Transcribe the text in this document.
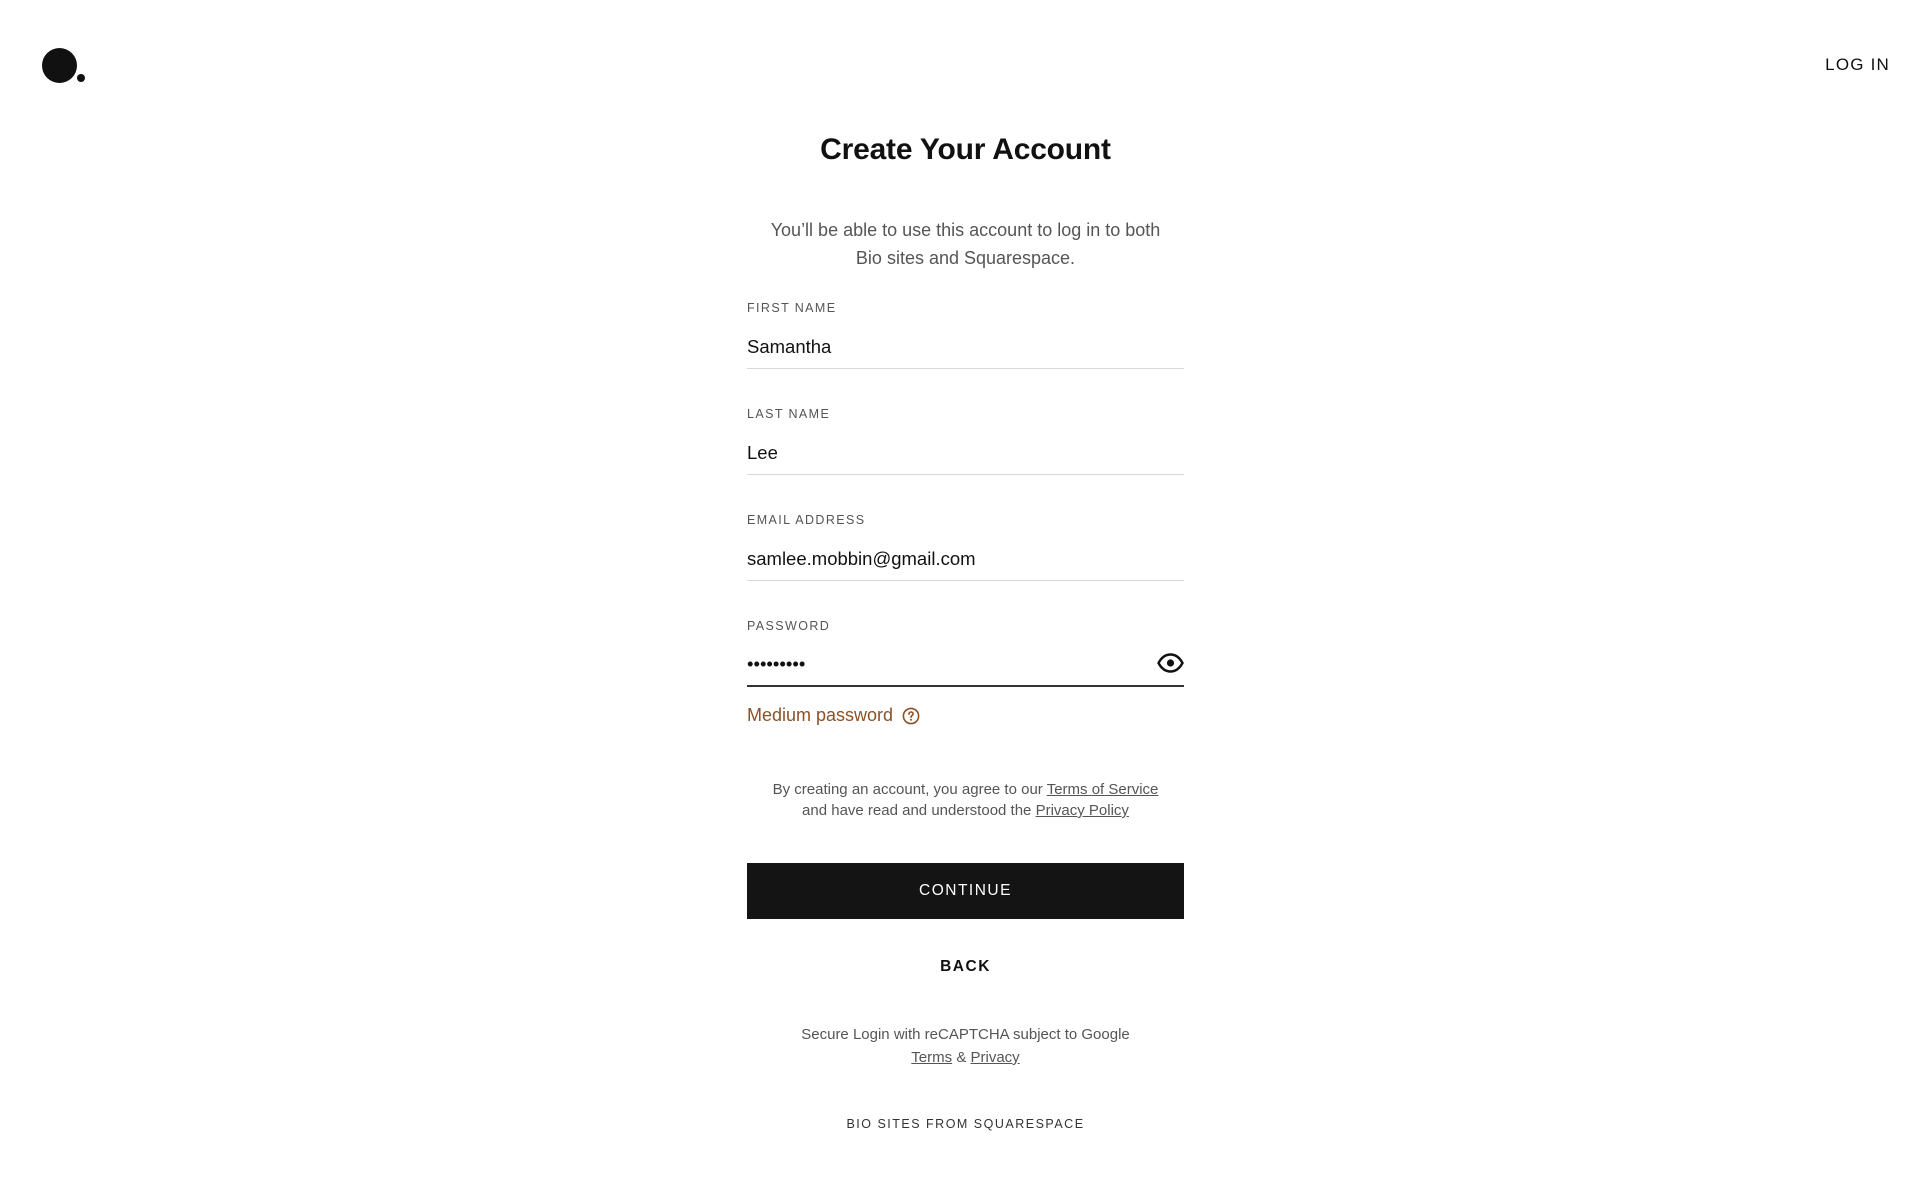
LOG IN
Create Your Account
You’ll be able to use this account to log in to both
Bio sites and Squarespace.
FIRST NAME
Samantha
LAST NAME
Lee
EMAIL ADDRESS
samlee.mobbin@gmail.com
PASSWORD
•••••••••
Medium password
By creating an account, you agree to our Terms of Service
and have read and understood the Privacy Policy
CONTINUE
BACK
Secure Login with reCAPTCHA subject to Google
Terms & Privacy
BIO SITES FROM SQUARESPACE
